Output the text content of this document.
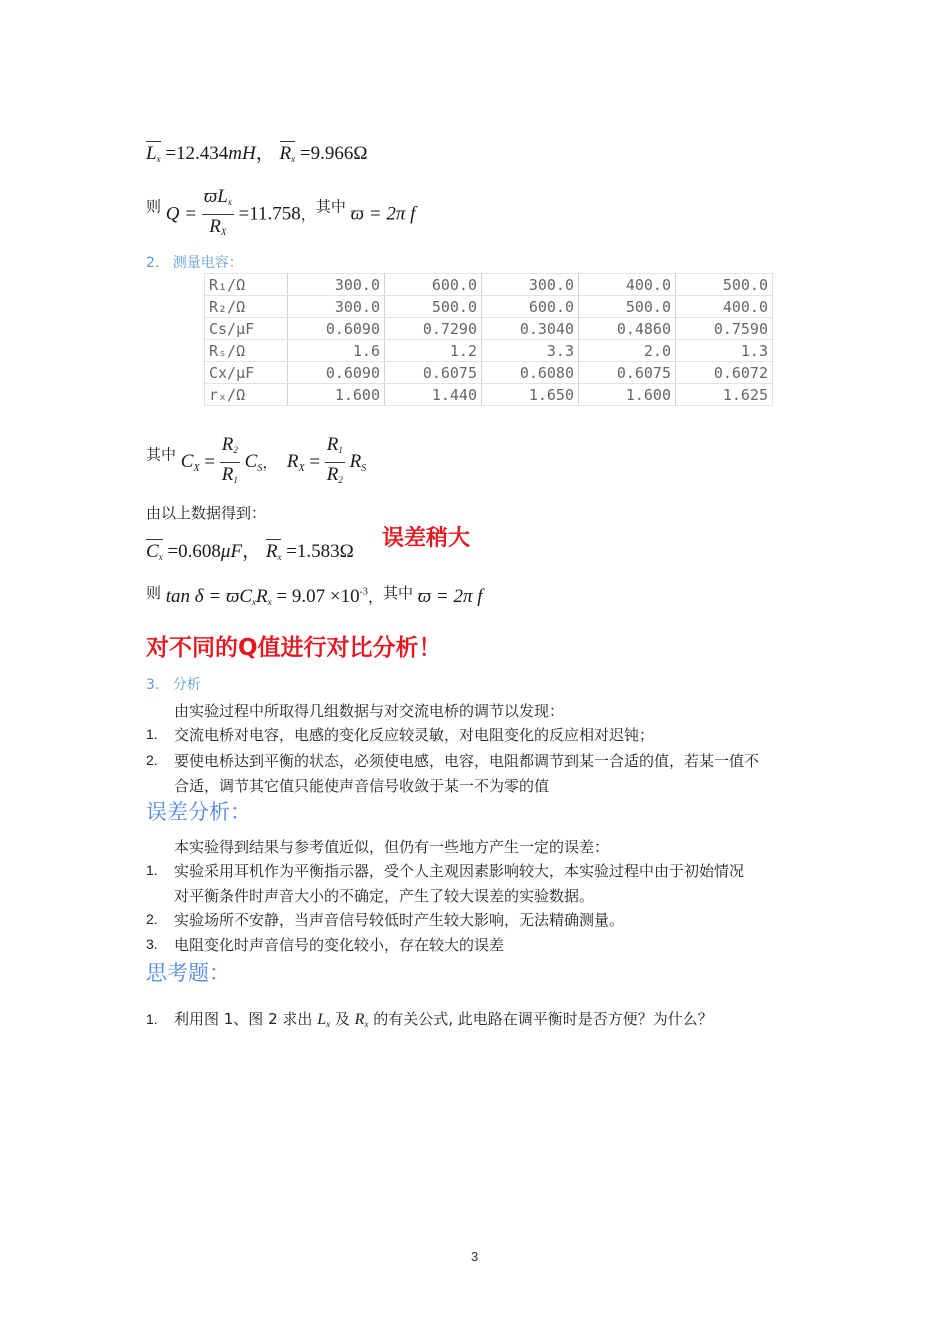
$L_x =12.434mH$， $R_x =9.966\Omega$
$^则$ $Q = \frac{ϖL_x}{R_X} =11.758$，$^{其中}$ ϖ = 2π f
2. 测量电容：
R₁/Ω	300.0	600.0	300.0	400.0	500.0
R₂/Ω	300.0	500.0	600.0	500.0	400.0
Cs/μF	0.6090	0.7290	0.3040	0.4860	0.7590
Rₛ/Ω	1.6	1.2	3.3	2.0	1.3
Cx/μF	0.6090	0.6075	0.6080	0.6075	0.6072
rₓ/Ω	1.600	1.440	1.650	1.600	1.625
$^{其中}$ $C_X = \frac{R_2}{R_1} C_S$， $R_X = \frac{R_1}{R_2} R_S$
由以上数据得到：
$C_x =0.608\mu F$， $R_x =1.583\Omega$
误差稍大
$^则$ $\tan \delta = ϖC_xR_x = 9.07 \times 10^{-3}$，$^{其中}$ ϖ = 2π f
对不同的Q值进行对比分析！
3. 分析
由实验过程中所取得几组数据与对交流电桥的调节以发现：
1. 交流电桥对电容，电感的变化反应较灵敏，对电阻变化的反应相对迟钝；
2. 要使电桥达到平衡的状态，必须使电感，电容，电阻都调节到某一合适的值，若某一值不
合适，调节其它值只能使声音信号收敛于某一不为零的值
误差分析：
本实验得到结果与参考值近似，但仍有一些地方产生一定的误差：
1. 实验采用耳机作为平衡指示器，受个人主观因素影响较大，本实验过程中由于初始情况
对平衡条件时声音大小的不确定，产生了较大误差的实验数据。
2. 实验场所不安静，当声音信号较低时产生较大影响，无法精确测量。
3. 电阻变化时声音信号的变化较小，存在较大的误差
思考题：
1. 利用图 1、图 2 求出 $L_x$ 及 $R_x$ 的有关公式, 此电路在调平衡时是否方便？为什么？
3
